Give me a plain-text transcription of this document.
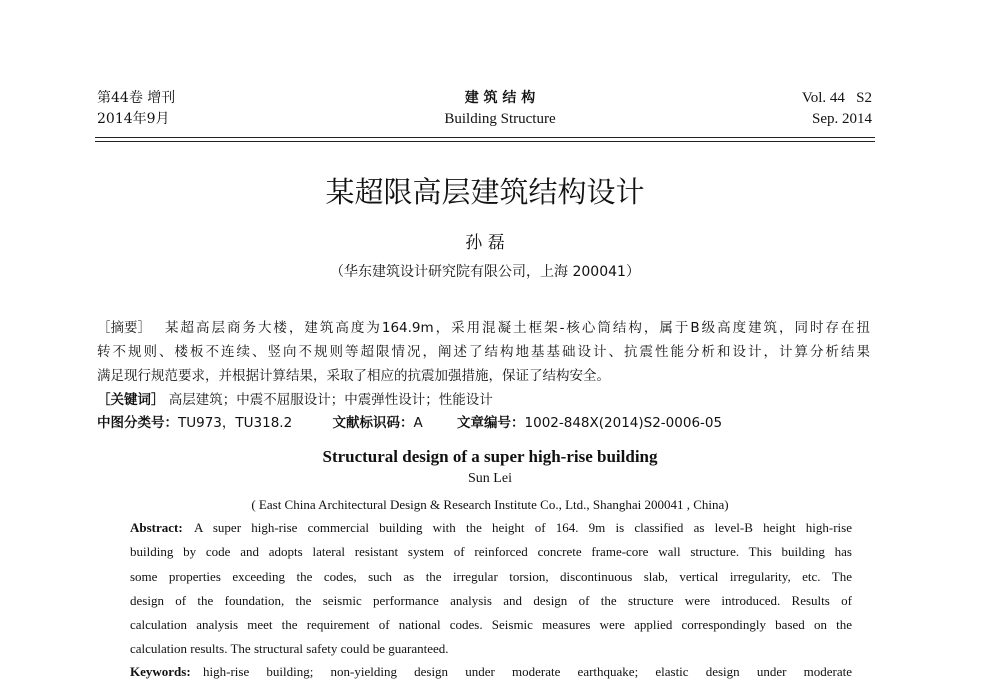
第44卷 增刊
2014年9月
建 筑 结 构
Building Structure
Vol. 44   S2
Sep. 2014
某超限高层建筑结构设计
孙 磊
（华东建筑设计研究院有限公司，上海 200041）
［摘要］	某超高层商务大楼，建筑高度为164.9m，采用混凝土框架-核心筒结构，属于B级高度建筑，同时存在扭
转不规则、楼板不连续、竖向不规则等超限情况，阐述了结构地基基础设计、抗震性能分析和设计，计算分析结果
满足现行规范要求，并根据计算结果，采取了相应的抗震加强措施，保证了结构安全。
［关键词］ 高层建筑；中震不屈服设计；中震弹性设计；性能设计
中图分类号：TU973，TU318.2	文献标识码：A	文章编号：1002-848X(2014)S2-0006-05
Structural design of a super high-rise building
Sun Lei
( East China Architectural Design & Research Institute Co., Ltd., Shanghai 200041 , China)
Abstract: A super high-rise commercial building with the height of 164. 9m is classified as level-B height high-rise
building by code and adopts lateral resistant system of reinforced concrete frame-core wall structure. This building has
some properties exceeding the codes, such as the irregular torsion, discontinuous slab, vertical irregularity, etc. The
design of the foundation, the seismic performance analysis and design of the structure were introduced. Results of
calculation analysis meet the requirement of national codes. Seismic measures were applied correspondingly based on the
calculation results. The structural safety could be guaranteed.
Keywords: high-rise building; non-yielding design under moderate earthquake; elastic design under moderate
